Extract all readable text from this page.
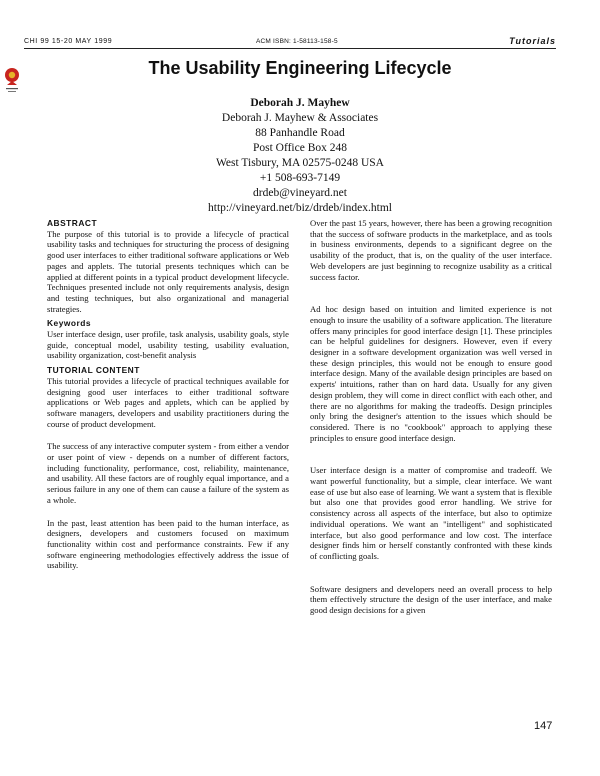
CHI 99 15-20 MAY 1999	ACM ISBN: 1-58113-158-5	Tutorials
The Usability Engineering Lifecycle
Deborah J. Mayhew
Deborah J. Mayhew & Associates
88 Panhandle Road
Post Office Box 248
West Tisbury, MA 02575-0248 USA
+1 508-693-7149
drdeb@vineyard.net
http://vineyard.net/biz/drdeb/index.html
ABSTRACT

The purpose of this tutorial is to provide a lifecycle of practical usability tasks and techniques for structuring the process of designing good user interfaces to either traditional software applications or Web pages and applets. The tutorial presents techniques which can be applied at different points in a typical product development lifecycle. Techniques presented include not only requirements analysis, design and testing techniques, but also organizational and managerial strategies.

Keywords

User interface design, user profile, task analysis, usability goals, style guide, conceptual model, usability testing, usability evaluation, usability organization, cost-benefit analysis

TUTORIAL CONTENT

This tutorial provides a lifecycle of practical techniques available for designing good user interfaces to either traditional software applications or Web pages and applets, which can be applied by software managers, developers and usability practitioners during the course of product development.

The success of any interactive computer system - from either a vendor or user point of view - depends on a number of different factors, including functionality, performance, cost, reliability, maintenance, and usability. All these factors are of roughly equal importance, and a serious failure in any one of them can cause a failure of the system as a whole.

In the past, least attention has been paid to the human interface, as designers, developers and customers focused on maximum functionality within cost and performance constraints. Few if any software engineering methodologies effectively address the issue of usability.

Over the past 15 years, however, there has been a growing recognition that the success of software products in the marketplace, and as tools in business environments, depends to a significant degree on the usability of the product, that is, on the quality of the user interface. Web developers are just beginning to recognize usability as a critical success factor.

Ad hoc design based on intuition and limited experience is not enough to insure the usability of a software application. The literature offers many principles for good interface design [1]. These principles can be helpful guidelines for designers. However, even if every designer in a software development organization was well versed in these design principles, this would not be enough to ensure good interface design. Many of the available design principles are based on experts' intuitions, rather than on hard data. Usually for any given design problem, they will come in direct conflict with each other, and there are no algorithms for making the tradeoffs. Design principles only bring the designer's attention to the issues which should be considered. There is no "cookbook" approach to applying these principles to ensure good interface design.

User interface design is a matter of compromise and tradeoff. We want powerful functionality, but a simple, clear interface. We want ease of use but also ease of learning. We want a system that is flexible but also one that provides good error handling. We strive for consistency across all aspects of the interface, but also to optimize individual operations. We want an "intelligent" and sophisticated interface, but also good performance and low cost. The interface designer finds him or herself constantly confronted with these kinds of conflicting goals.

Software designers and developers need an overall process to help them effectively structure the design of the user interface, and make good design decisions for a given

147
